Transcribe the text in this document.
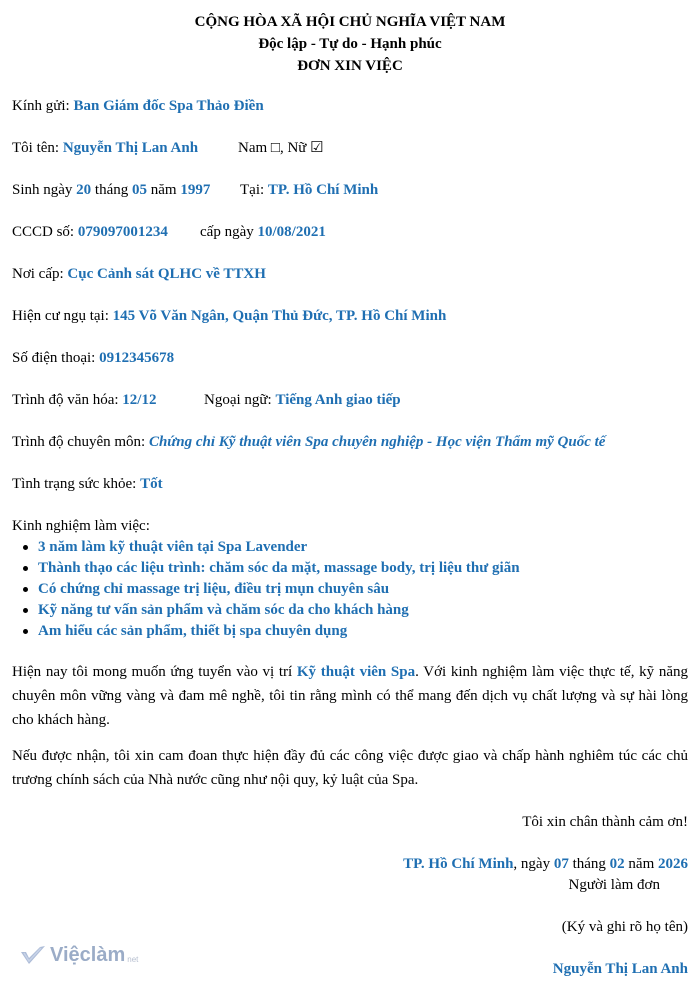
CỘNG HÒA XÃ HỘI CHỦ NGHĨA VIỆT NAM
Độc lập - Tự do - Hạnh phúc
ĐƠN XIN VIỆC
Kính gửi: Ban Giám đốc Spa Thảo Điền
Tôi tên: Nguyễn Thị Lan Anh	Nam □, Nữ ☑
Sinh ngày 20 tháng 05 năm 1997 Tại: TP. Hồ Chí Minh
CCCD số: 079097001234 cấp ngày 10/08/2021
Nơi cấp: Cục Cảnh sát QLHC về TTXH
Hiện cư ngụ tại: 145 Võ Văn Ngân, Quận Thủ Đức, TP. Hồ Chí Minh
Số điện thoại: 0912345678
Trình độ văn hóa: 12/12	Ngoại ngữ: Tiếng Anh giao tiếp
Trình độ chuyên môn: Chứng chỉ Kỹ thuật viên Spa chuyên nghiệp - Học viện Thẩm mỹ Quốc tế
Tình trạng sức khỏe: Tốt
Kinh nghiệm làm việc:
3 năm làm kỹ thuật viên tại Spa Lavender
Thành thạo các liệu trình: chăm sóc da mặt, massage body, trị liệu thư giãn
Có chứng chỉ massage trị liệu, điều trị mụn chuyên sâu
Kỹ năng tư vấn sản phẩm và chăm sóc da cho khách hàng
Am hiểu các sản phẩm, thiết bị spa chuyên dụng
Hiện nay tôi mong muốn ứng tuyển vào vị trí Kỹ thuật viên Spa. Với kinh nghiệm làm việc thực tế, kỹ năng chuyên môn vững vàng và đam mê nghề, tôi tin rằng mình có thể mang đến dịch vụ chất lượng và sự hài lòng cho khách hàng.
Nếu được nhận, tôi xin cam đoan thực hiện đầy đủ các công việc được giao và chấp hành nghiêm túc các chủ trương chính sách của Nhà nước cũng như nội quy, kỷ luật của Spa.
Tôi xin chân thành cảm ơn!
TP. Hồ Chí Minh, ngày 07 tháng 02 năm 2026
Người làm đơn
(Ký và ghi rõ họ tên)
Nguyễn Thị Lan Anh
Việclàm net
